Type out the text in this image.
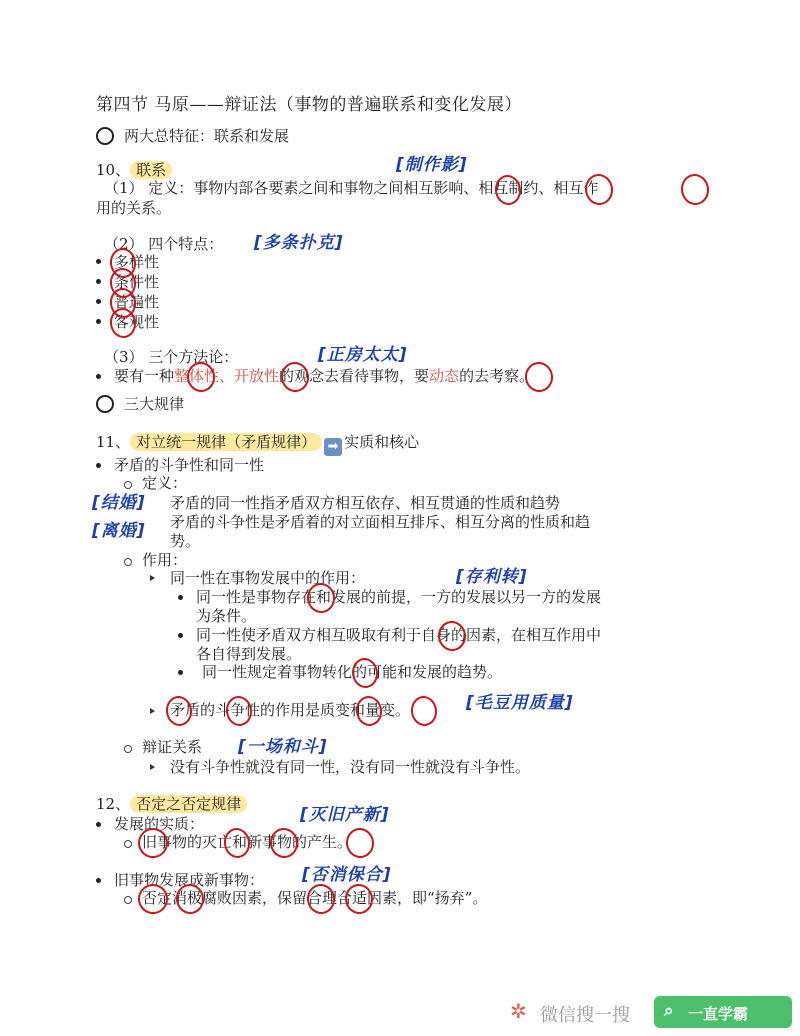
第四节 马原——辩证法（事物的普遍联系和变化发展）
两大总特征：联系和发展
10、 联系	[制作影]
（1） 定义：事物内部各要素之间和事物之间相互影响、相互制约、相互作
用的关系。
（2） 四个特点： [多条扑克]
多样性
条件性
普遍性
客观性
（3） 三个方法论：	[正房太太]
要有一种整体性、开放性的观念去看待事物，要动态的去考察。
三大规律
11、 对立统一规律（矛盾规律） ➡ 实质和核心
矛盾的斗争性和同一性
定义：
[结婚]
[离婚]
矛盾的同一性指矛盾双方相互依存、相互贯通的性质和趋势
矛盾的斗争性是矛盾着的对立面相互排斥、相互分离的性质和趋
势。
作用：
同一性在事物发展中的作用：	[存利转]
同一性是事物存在和发展的前提，一方的发展以另一方的发展
为条件。
同一性使矛盾双方相互吸取有利于自身的因素，在相互作用中
各自得到发展。
同一性规定着事物转化的可能和发展的趋势。
矛盾的斗争性的作用是质变和量变。	[毛豆用质量]
辩证关系 [一场和斗]
没有斗争性就没有同一性，没有同一性就没有斗争性。
12、 否定之否定规律
[灭旧产新]
发展的实质：
旧事物的灭亡和新事物的产生。
旧事物发展成新事物： [否消保合]
否定消极腐败因素，保留合理合适因素，即“扬弃”。
✲ 微信搜一搜 ⌕ 一直学霸
